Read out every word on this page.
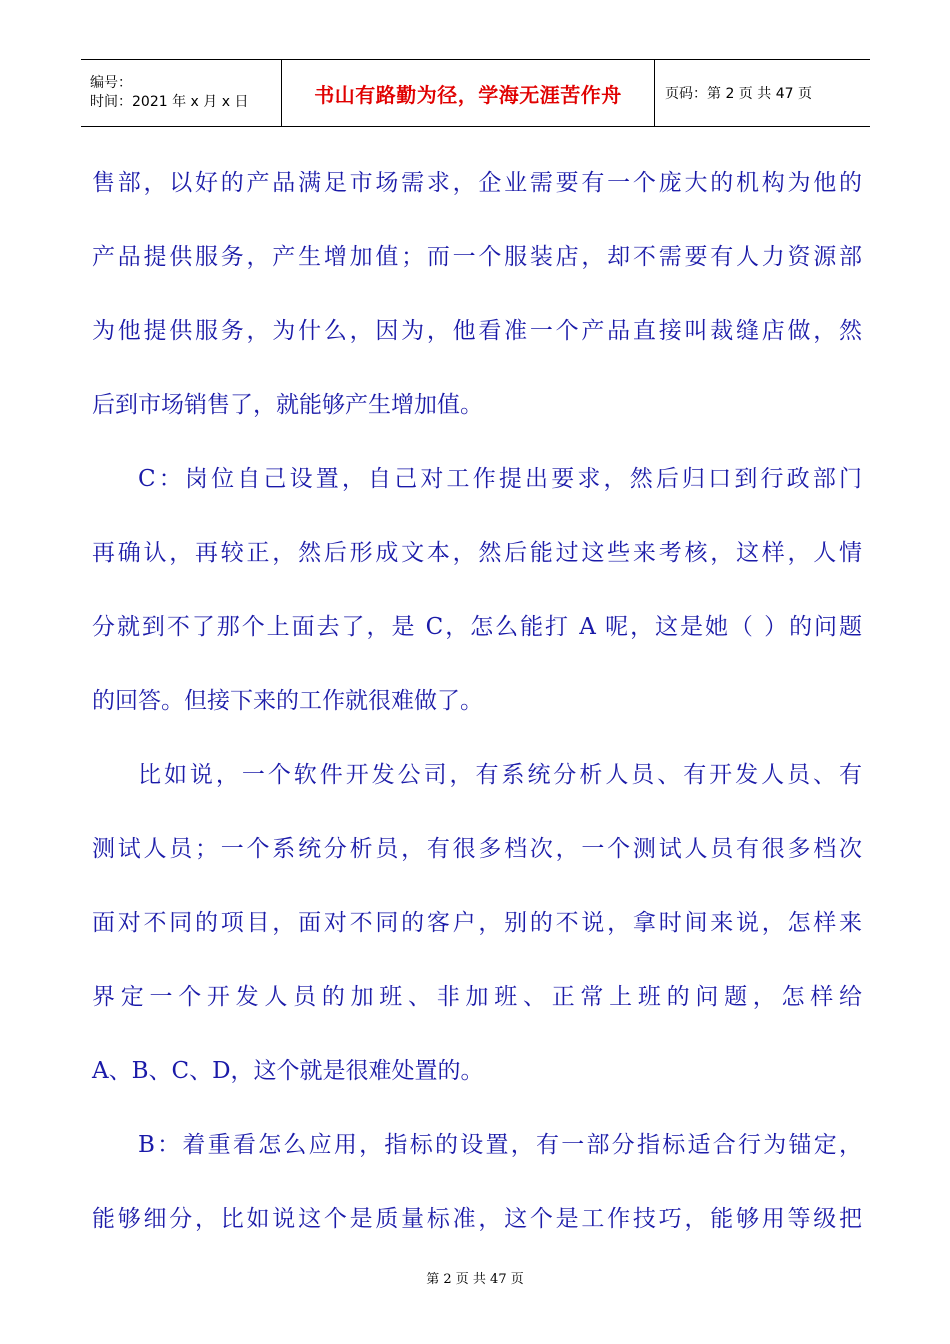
编号：
时间：2021 年 x 月 x 日	书山有路勤为径，学海无涯苦作舟	页码：第 2 页 共 47 页
售部，以好的产品满足市场需求，企业需要有一个庞大的机构为他的
产品提供服务，产生增加值；而一个服装店，却不需要有人力资源部
为他提供服务，为什么，因为，他看准一个产品直接叫裁缝店做，然
后到市场销售了，就能够产生增加值。
C：岗位自己设置，自己对工作提出要求，然后归口到行政部门
再确认，再较正，然后形成文本，然后能过这些来考核，这样，人情
分就到不了那个上面去了，是 C，怎么能打 A 呢，这是她（ ）的问题
的回答。但接下来的工作就很难做了。
比如说，一个软件开发公司，有系统分析人员、有开发人员、有
测试人员；一个系统分析员，有很多档次，一个测试人员有很多档次
面对不同的项目，面对不同的客户，别的不说，拿时间来说，怎样来
界定一个开发人员的加班、非加班、正常上班的问题，怎样给
A、B、C、D，这个就是很难处置的。
B：着重看怎么应用，指标的设置，有一部分指标适合行为锚定，
能够细分，比如说这个是质量标准，这个是工作技巧，能够用等级把
第 2 页 共 47 页
